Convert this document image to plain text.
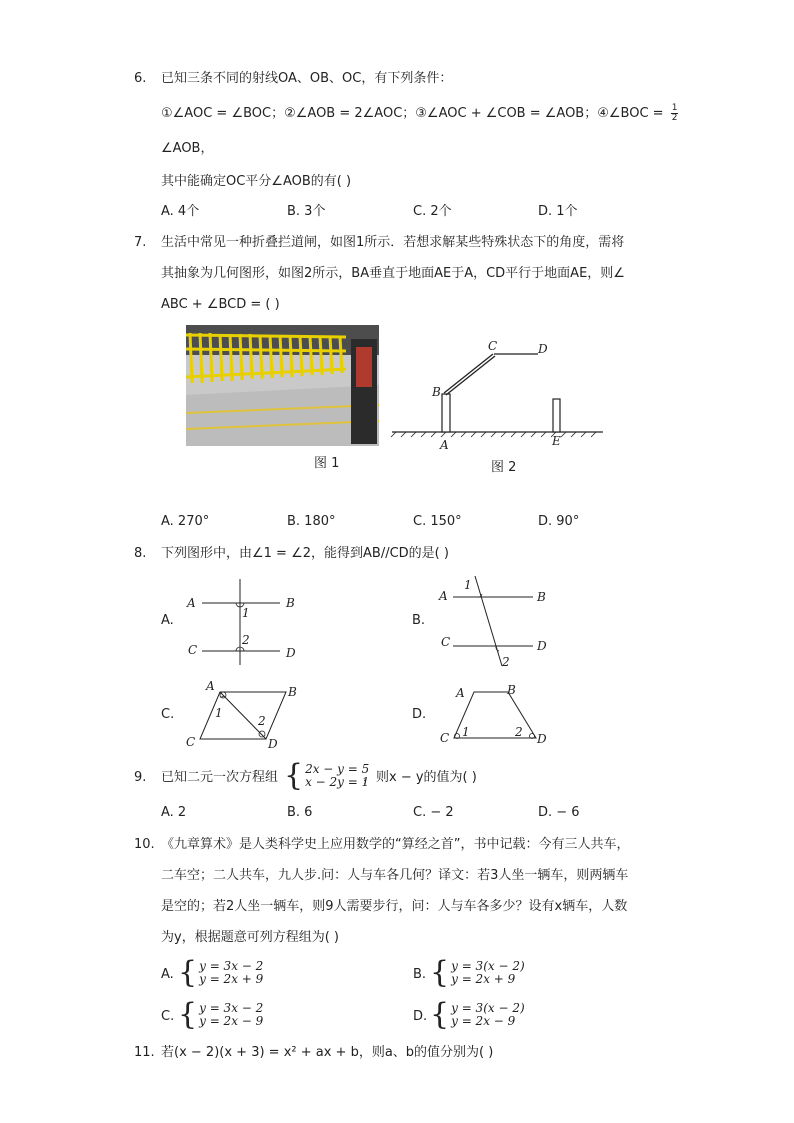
6. 已知三条不同的射线OA、OB、OC，有下列条件：
①∠AOC = ∠BOC；②∠AOB = 2∠AOC；③∠AOC + ∠COB = ∠AOB；④∠BOC = $\frac{1}{2}$
∠AOB，
其中能确定OC平分∠AOB的有( )
A. 4个	B. 3个	C. 2个	D. 1个
7. 生活中常见一种折叠拦道闸，如图1所示．若想求解某些特殊状态下的角度，需将
其抽象为几何图形，如图2所示，BA垂直于地面AE于A，CD平行于地面AE，则∠
ABC + ∠BCD = ( )
图 1
B
C	D
A	E
图 2
A. 270°	B. 180°	C. 150°	D. 90°
8. 下列图形中，由∠1 = ∠2，能得到AB//CD的是( )
A.
A	B
C	D
1
2
B.
A	B
C	D
1
2
C.
A	B
C	D
1
2	D.
A	B
C	D
1	2
9. 已知二元一次方程组 { 2x − y = 5
x − 2y = 1
，则x − y的值为( )
A. 2	B. 6	C. − 2	D. − 6
10. 《九章算术》是人类科学史上应用数学的“算经之首”，书中记载：今有三人共车，
二车空；二人共车，九人步.问：人与车各几何？译文：若3人坐一辆车，则两辆车
是空的；若2人坐一辆车，则9人需要步行，问：人与车各多少？设有x辆车，人数
为y，根据题意可列方程组为( )
A. { y = 3x − 2
y = 2x + 9	B. { y = 3(x − 2)
y = 2x + 9
C. { y = 3x − 2
y = 2x − 9	D. { y = 3(x − 2)
y = 2x − 9
11. 若(x − 2)(x + 3) = x² + ax + b，则a、b的值分别为( )
